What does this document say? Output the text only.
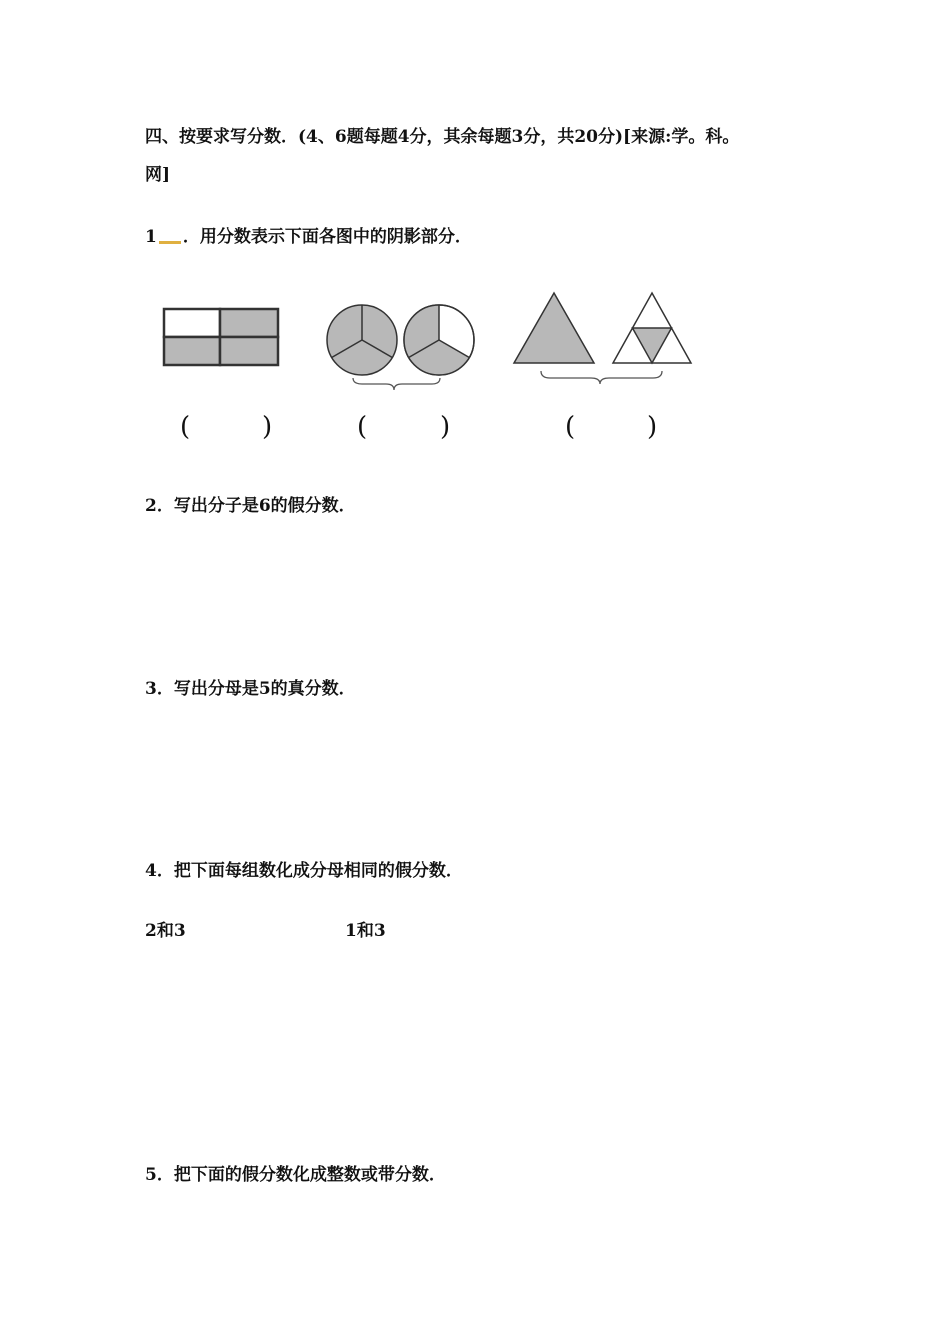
四、按要求写分数．(4、6题每题4分，其余每题3分，共20分)[来源:学。科。
网]
1 ．用分数表示下面各图中的阴影部分．
(	)	(	)	(	)
2．写出分子是6的假分数．
3．写出分母是5的真分数．
4．把下面每组数化成分母相同的假分数．
2和3	1和3
5．把下面的假分数化成整数或带分数．
